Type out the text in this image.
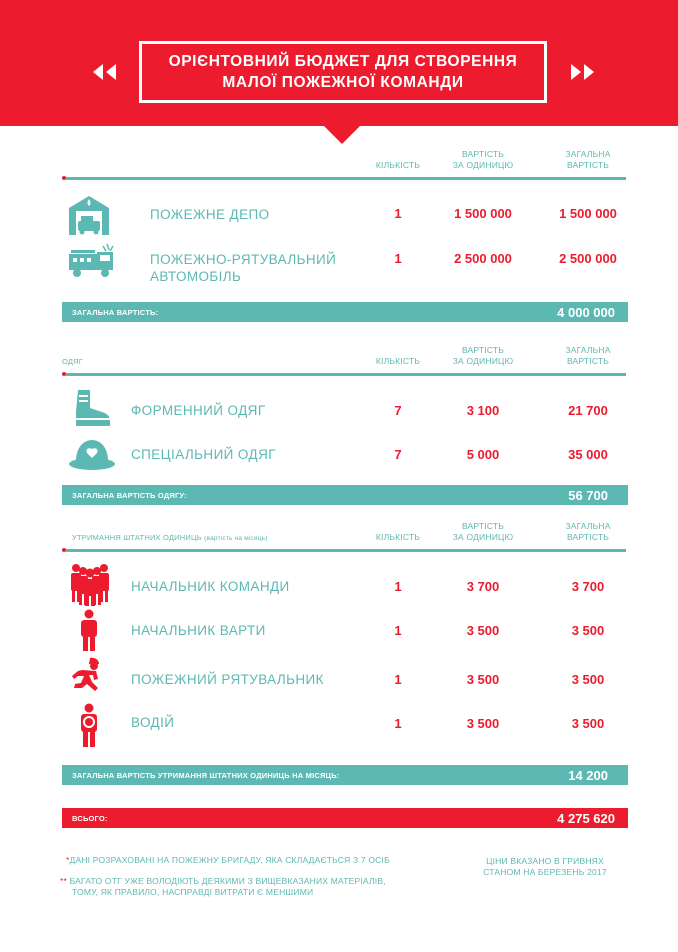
ОРІЄНТОВНИЙ БЮДЖЕТ ДЛЯ СТВОРЕННЯ
МАЛОЇ ПОЖЕЖНОЇ КОМАНДИ
КІЛЬКІСТЬ
ВАРТІСТЬ
ЗА ОДИНИЦЮ
ЗАГАЛЬНА
ВАРТІСТЬ
ПОЖЕЖНЕ ДЕПО	1	1 500 000	1 500 000
ПОЖЕЖНО-РЯТУВАЛЬНИЙ
АВТОМОБІЛЬ
1	2 500 000	2 500 000
ЗАГАЛЬНА ВАРТІСТЬ:	4 000 000
ОДЯГ	КІЛЬКІСТЬ
ВАРТІСТЬ
ЗА ОДИНИЦЮ
ЗАГАЛЬНА
ВАРТІСТЬ
ФОРМЕННИЙ ОДЯГ	7	3 100	21 700
СПЕЦІАЛЬНИЙ ОДЯГ	7	5 000	35 000
ЗАГАЛЬНА ВАРТІСТЬ ОДЯГУ:	56 700
УТРИМАННЯ ШТАТНИХ ОДИНИЦЬ (вартість на місяць)	КІЛЬКІСТЬ
ВАРТІСТЬ
ЗА ОДИНИЦЮ
ЗАГАЛЬНА
ВАРТІСТЬ
НАЧАЛЬНИК КОМАНДИ	1	3 700	3 700
НАЧАЛЬНИК ВАРТИ	1	3 500	3 500
ПОЖЕЖНИЙ РЯТУВАЛЬНИК	1	3 500	3 500
ВОДІЙ	1	3 500	3 500
ЗАГАЛЬНА ВАРТІСТЬ УТРИМАННЯ ШТАТНИХ ОДИНИЦЬ НА МІСЯЦЬ:	14 200
ВСЬОГО:	4 275 620
*ДАНІ РОЗРАХОВАНІ НА ПОЖЕЖНУ БРИГАДУ, ЯКА СКЛАДАЄТЬСЯ З 7 ОСІБ
** БАГАТО ОТГ УЖЕ ВОЛОДІЮТЬ ДЕЯКИМИ З ВИЩЕВКАЗАНИХ МАТЕРІАЛІВ,
ТОМУ, ЯК ПРАВИЛО, НАСПРАВДІ ВИТРАТИ Є МЕНШИМИ
ЦІНИ ВКАЗАНО В ГРИВНЯХ
СТАНОМ НА БЕРЕЗЕНЬ 2017
